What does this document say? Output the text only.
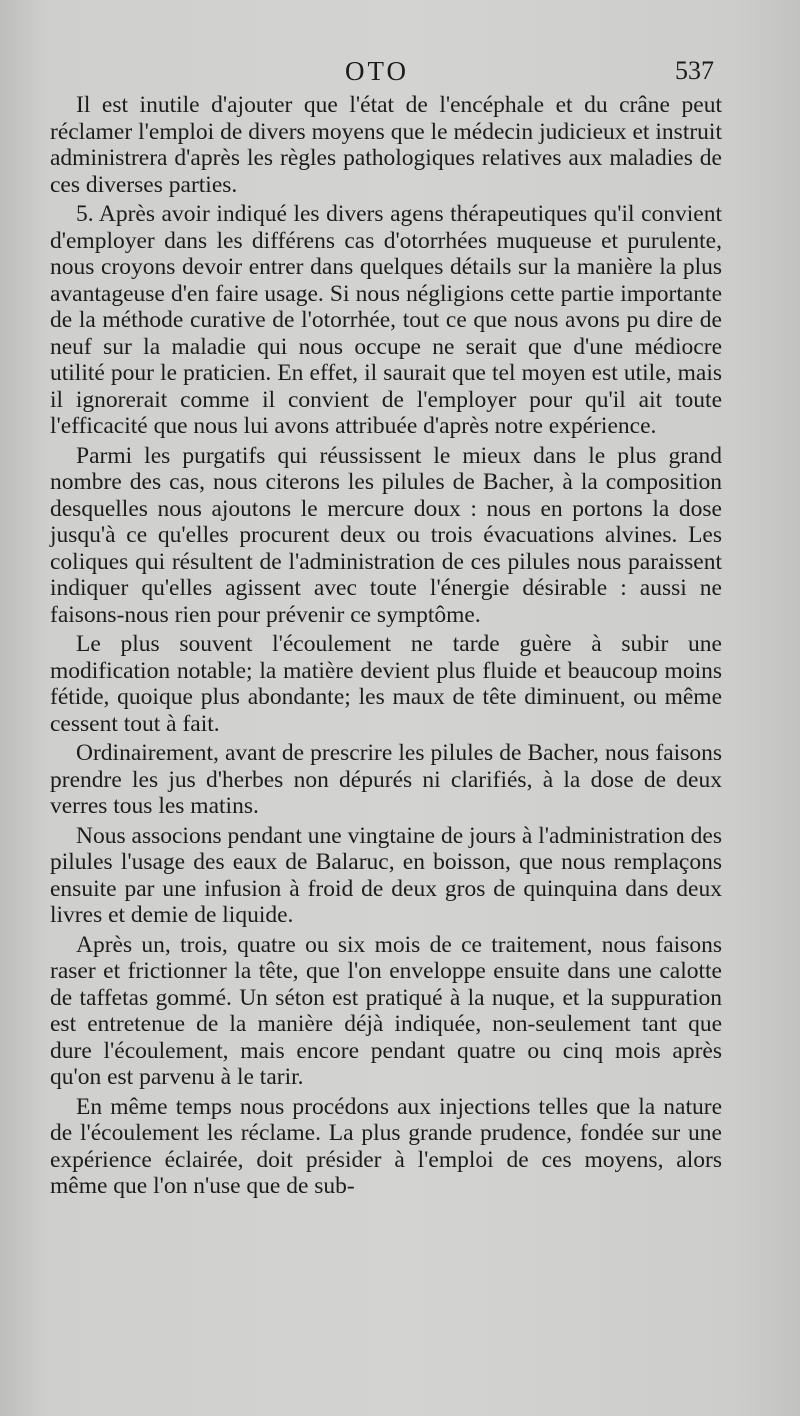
OTO	537

Il est inutile d'ajouter que l'état de l'encéphale et du crâne peut réclamer l'emploi de divers moyens que le médecin judicieux et instruit administrera d'après les règles pathologiques relatives aux maladies de ces diverses parties.

5. Après avoir indiqué les divers agens thérapeutiques qu'il convient d'employer dans les différens cas d'otorrhées muqueuse et purulente, nous croyons devoir entrer dans quelques détails sur la manière la plus avantageuse d'en faire usage. Si nous négligions cette partie importante de la méthode curative de l'otorrhée, tout ce que nous avons pu dire de neuf sur la maladie qui nous occupe ne serait que d'une médiocre utilité pour le praticien. En effet, il saurait que tel moyen est utile, mais il ignorerait comme il convient de l'employer pour qu'il ait toute l'efficacité que nous lui avons attribuée d'après notre expérience.

Parmi les purgatifs qui réussissent le mieux dans le plus grand nombre des cas, nous citerons les pilules de Bacher, à la composition desquelles nous ajoutons le mercure doux : nous en portons la dose jusqu'à ce qu'elles procurent deux ou trois évacuations alvines. Les coliques qui résultent de l'administration de ces pilules nous paraissent indiquer qu'elles agissent avec toute l'énergie désirable : aussi ne faisons-nous rien pour prévenir ce symptôme.

Le plus souvent l'écoulement ne tarde guère à subir une modification notable; la matière devient plus fluide et beaucoup moins fétide, quoique plus abondante; les maux de tête diminuent, ou même cessent tout à fait.

Ordinairement, avant de prescrire les pilules de Bacher, nous faisons prendre les jus d'herbes non dépurés ni clarifiés, à la dose de deux verres tous les matins.

Nous associons pendant une vingtaine de jours à l'administration des pilules l'usage des eaux de Balaruc, en boisson, que nous remplaçons ensuite par une infusion à froid de deux gros de quinquina dans deux livres et demie de liquide.

Après un, trois, quatre ou six mois de ce traitement, nous faisons raser et frictionner la tête, que l'on enveloppe ensuite dans une calotte de taffetas gommé. Un séton est pratiqué à la nuque, et la suppuration est entretenue de la manière déjà indiquée, non-seulement tant que dure l'écoulement, mais encore pendant quatre ou cinq mois après qu'on est parvenu à le tarir.

En même temps nous procédons aux injections telles que la nature de l'écoulement les réclame. La plus grande prudence, fondée sur une expérience éclairée, doit présider à l'emploi de ces moyens, alors même que l'on n'use que de sub-
